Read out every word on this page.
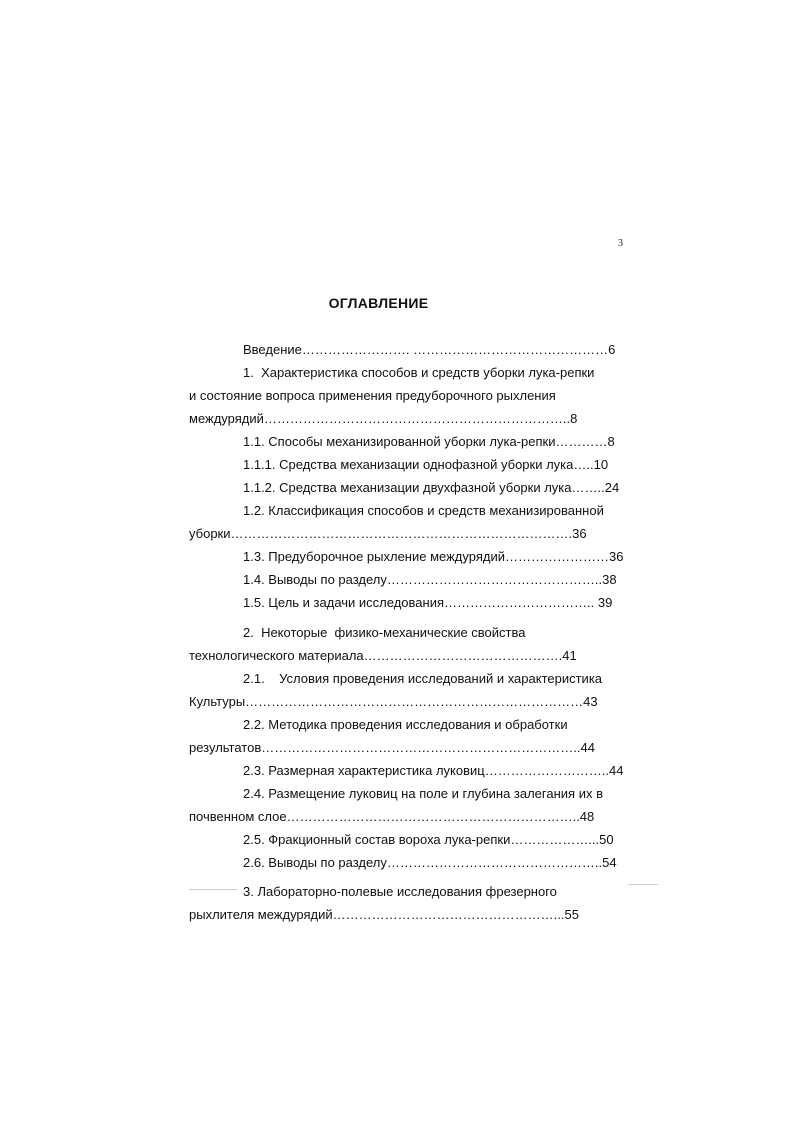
3
ОГЛАВЛЕНИЕ
Введение……………………. ………………………………………6
1.  Характеристика способов и средств уборки лука-репки
и состояние вопроса применения предуборочного рыхления
междурядий……………………………………………………………..8
1.1. Способы механизированной уборки лука-репки…………8
1.1.1. Средства механизации однофазной уборки лука…..10
1.1.2. Средства механизации двухфазной уборки лука……..24
1.2. Классификация способов и средств механизированной
уборки…………………………………………………………………….36
1.3. Предуборочное рыхление междурядий……………………36
1.4. Выводы по разделу…………………………………………..38
1.5. Цель и задачи исследования…………………………….. 39
2.  Некоторые  физико-механические свойства
технологического материала……………………………………….41
2.1.    Условия проведения исследований и характеристика
Культуры……………………………………………………………………43
2.2. Методика проведения исследования и обработки
результатов………………………………………………………………..44
2.3. Размерная характеристика луковиц………………………..44
2.4. Размещение луковиц на поле и глубина залегания их в
почвенном слое…………………………………………………………..48
2.5. Фракционный состав вороха лука-репки………………...50
2.6. Выводы по разделу…………………………………………..54
3. Лабораторно-полевые исследования фрезерного
рыхлителя междурядий……………………………………………...55
